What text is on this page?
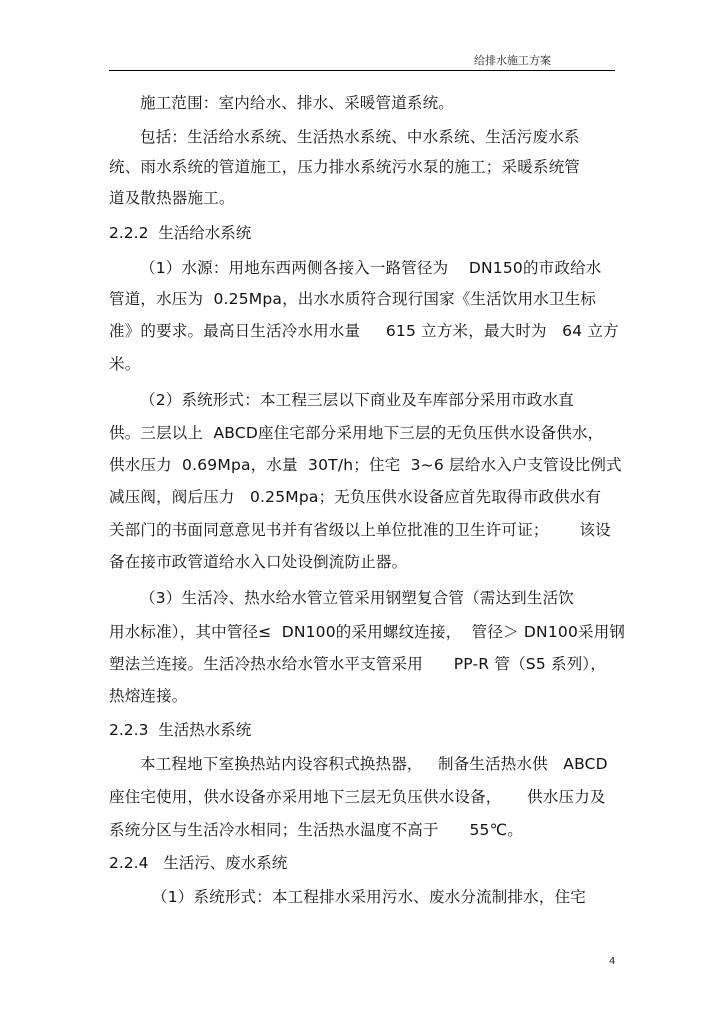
给排水施工方案
施工范围：室内给水、排水、采暖管道系统。
包括：生活给水系统、生活热水系统、中水系统、生活污废水系
统、雨水系统的管道施工，压力排水系统污水泵的施工；采暖系统管
道及散热器施工。
2.2.2  生活给水系统
（1）水源：用地东西两侧各接入一路管径为    DN150的市政给水
管道，水压为  0.25Mpa，出水水质符合现行国家《生活饮用水卫生标
准》的要求。最高日生活冷水用水量     615 立方米，最大时为   64 立方
米。
（2）系统形式：本工程三层以下商业及车库部分采用市政水直
供。三层以上  ABCD座住宅部分采用地下三层的无负压供水设备供水，
供水压力  0.69Mpa，水量  30T/h；住宅  3~6 层给水入户支管设比例式
减压阀，阀后压力   0.25Mpa；无负压供水设备应首先取得市政供水有
关部门的书面同意意见书并有省级以上单位批准的卫生许可证；      该设
备在接市政管道给水入口处设倒流防止器。
（3）生活冷、热水给水管立管采用钢塑复合管（需达到生活饮
用水标准），其中管径≤  DN100的采用螺纹连接，  管径＞ DN100采用钢
塑法兰连接。生活冷热水给水管水平支管采用      PP-R 管（S5 系列），
热熔连接。
2.2.3  生活热水系统
本工程地下室换热站内设容积式换热器，   制备生活热水供   ABCD
座住宅使用，供水设备亦采用地下三层无负压供水设备，     供水压力及
系统分区与生活冷水相同；生活热水温度不高于      55℃。
2.2.4   生活污、废水系统
（1）系统形式：本工程排水采用污水、废水分流制排水，住宅
4
